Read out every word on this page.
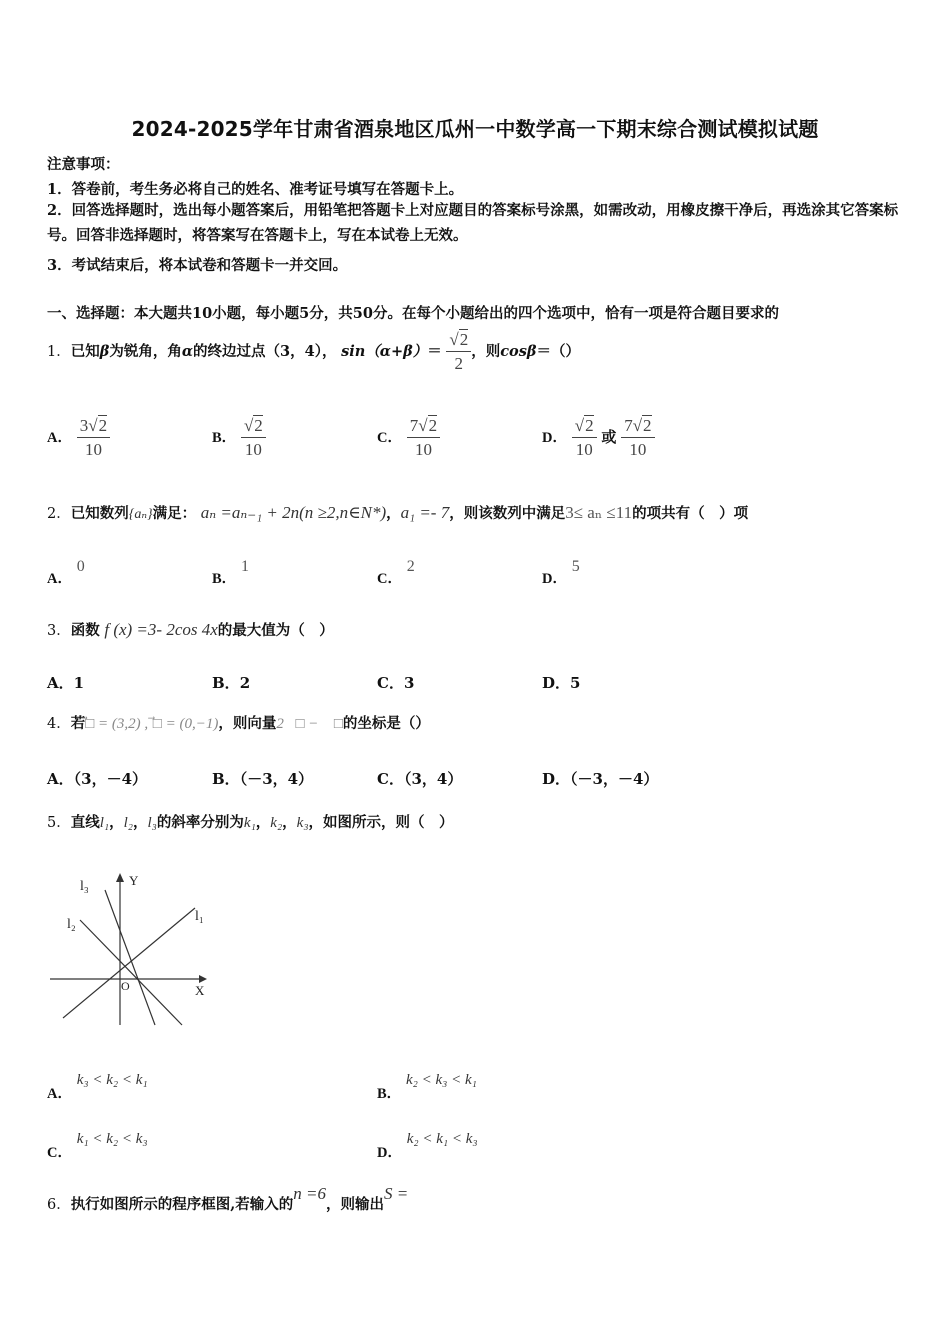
2024-2025学年甘肃省酒泉地区瓜州一中数学高一下期末综合测试模拟试题
注意事项：
1．答卷前，考生务必将自己的姓名、准考证号填写在答题卡上。
2．回答选择题时，选出每小题答案后，用铅笔把答题卡上对应题目的答案标号涂黑，如需改动，用橡皮擦干净后，再选涂其它答案标号。回答非选择题时，将答案写在答题卡上，写在本试卷上无效。
3．考试结束后，将本试卷和答题卡一并交回。
一、选择题：本大题共10小题，每小题5分，共50分。在每个小题给出的四个选项中，恰有一项是符合题目要求的
1．已知β为锐角，角α的终边过点（3，4）， $\sin(\alpha+\beta)= \frac{√2}{2}$ ，则cosβ＝（）
A． $\frac{3√2}{10}$	B． $\frac{√2}{10}$	C． $\frac{7√2}{10}$	D． $\frac{√2}{10}$ 或 $\frac{7√2}{10}$
2．已知数列{aₙ}满足： aₙ =aₙ₋₁ + 2n(n ≥2,n∈N*)，a₁ =- 7，则该数列中满足3≤ aₙ ≤11的项共有（　）项
A． 0
B． 1
C． 2
D． 5
3．函数 f (x) =3- 2cos 4x的最大值为（　）
A．1	B．2	C．3	D．5
4．若⃗□ = (3,2) , ⃗□ = (0,−1)，则向量2⃗□ − ⃗□的坐标是（）
A．（3，－4）	B．（－3，4）	C．（3，4）	D．（－3，－4）
5．直线l₁，l₂，l₃的斜率分别为k₁，k₂，k₃，如图所示，则（　）
l₃
l₂
l₁
Y
X
O
A． k₃ < k₂ < k₁
B． k₂ < k₃ < k₁
C． k₁ < k₂ < k₃
D． k₂ < k₁ < k₃
6．执行如图所示的程序框图,若输入的n =6，则输出S =
